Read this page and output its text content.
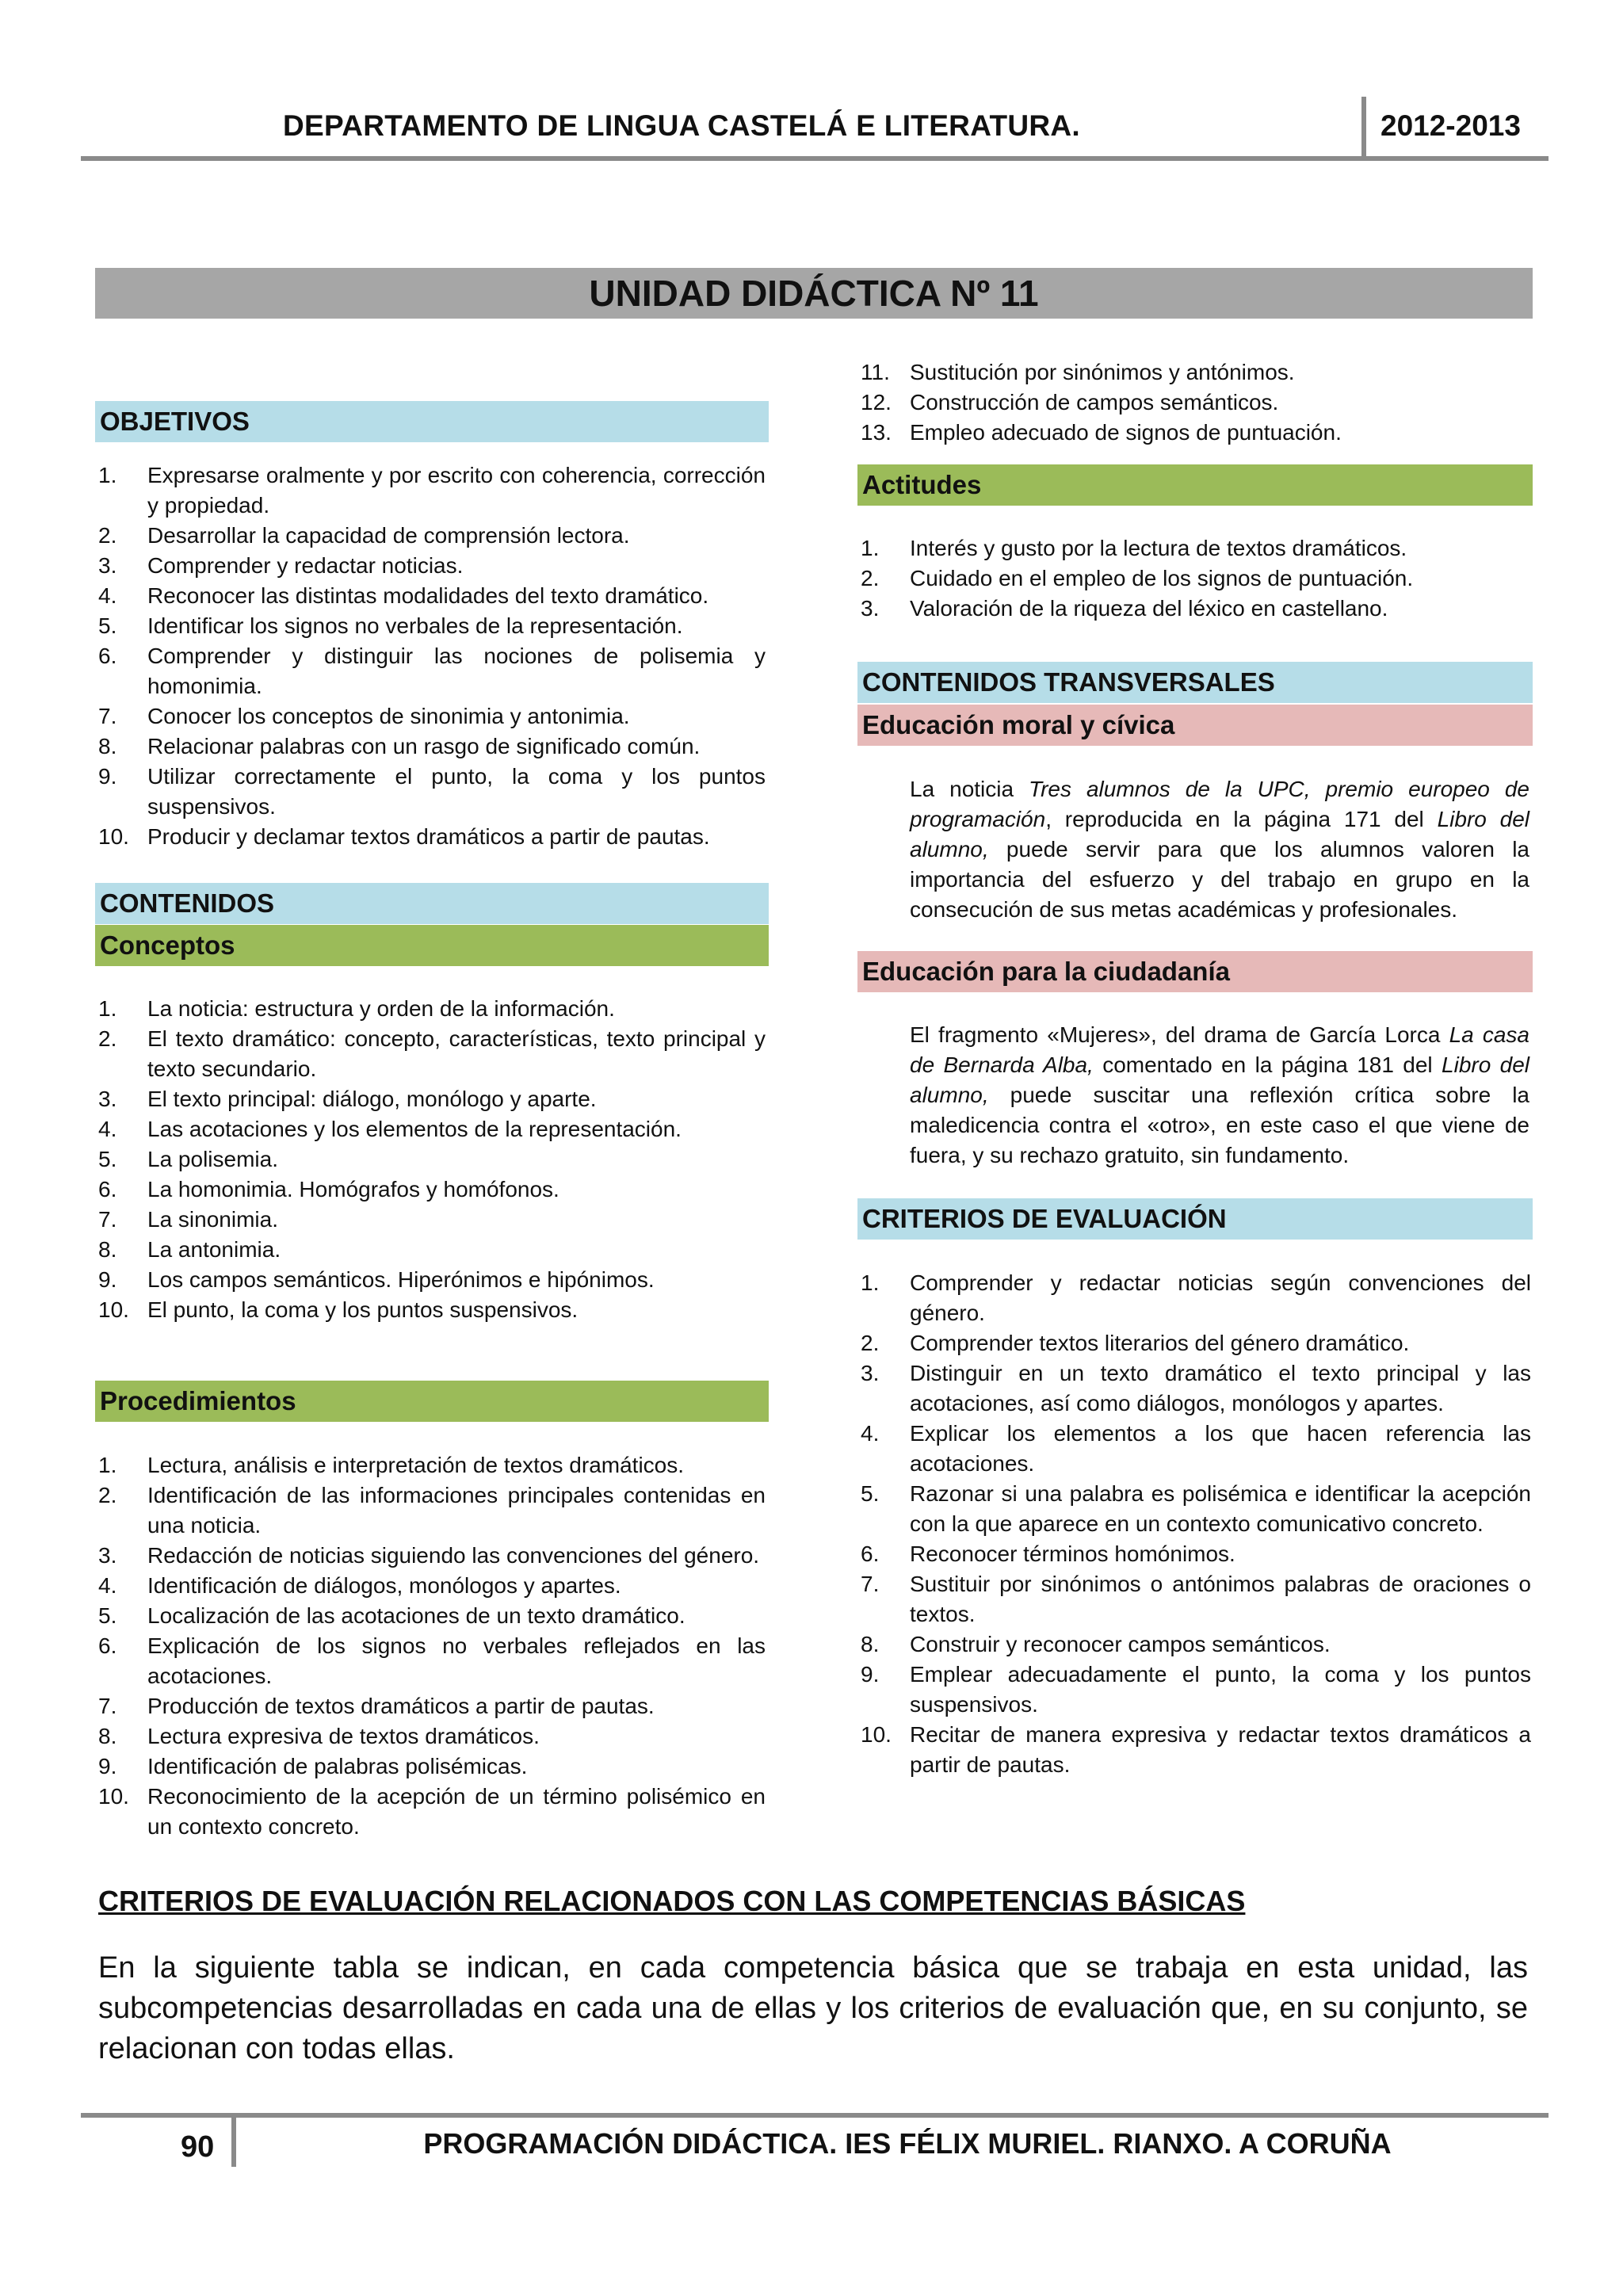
DEPARTAMENTO DE LINGUA CASTELÁ E LITERATURA.	2012-2013
UNIDAD DIDÁCTICA Nº 11
OBJETIVOS
1. Expresarse oralmente y por escrito con coherencia, corrección y propiedad.
2. Desarrollar la capacidad de comprensión lectora.
3. Comprender y redactar noticias.
4. Reconocer las distintas modalidades del texto dramático.
5. Identificar los signos no verbales de la representación.
6. Comprender y distinguir las nociones de polisemia y homonimia.
7. Conocer los conceptos de sinonimia y antonimia.
8. Relacionar palabras con un rasgo de significado común.
9. Utilizar correctamente el punto, la coma y los puntos suspensivos.
10. Producir y declamar textos dramáticos a partir de pautas.
CONTENIDOS
Conceptos
1. La noticia: estructura y orden de la información.
2. El texto dramático: concepto, características, texto principal y texto secundario.
3. El texto principal: diálogo, monólogo y aparte.
4. Las acotaciones y los elementos de la representación.
5. La polisemia.
6. La homonimia. Homógrafos y homófonos.
7. La sinonimia.
8. La antonimia.
9. Los campos semánticos. Hiperónimos e hipónimos.
10. El punto, la coma y los puntos suspensivos.
Procedimientos
1. Lectura, análisis e interpretación de textos dramáticos.
2. Identificación de las informaciones principales contenidas en una noticia.
3. Redacción de noticias siguiendo las convenciones del género.
4. Identificación de diálogos, monólogos y apartes.
5. Localización de las acotaciones de un texto dramático.
6. Explicación de los signos no verbales reflejados en las acotaciones.
7. Producción de textos dramáticos a partir de pautas.
8. Lectura expresiva de textos dramáticos.
9. Identificación de palabras polisémicas.
10. Reconocimiento de la acepción de un término polisémico en un contexto concreto.
11. Sustitución por sinónimos y antónimos.
12. Construcción de campos semánticos.
13. Empleo adecuado de signos de puntuación.
Actitudes
1. Interés y gusto por la lectura de textos dramáticos.
2. Cuidado en el empleo de los signos de puntuación.
3. Valoración de la riqueza del léxico en castellano.
CONTENIDOS TRANSVERSALES
Educación moral y cívica
La noticia Tres alumnos de la UPC, premio europeo de programación, reproducida en la página 171 del Libro del alumno, puede servir para que los alumnos valoren la importancia del esfuerzo y del trabajo en grupo en la consecución de sus metas académicas y profesionales.
Educación para la ciudadanía
El fragmento «Mujeres», del drama de García Lorca La casa de Bernarda Alba, comentado en la página 181 del Libro del alumno, puede suscitar una reflexión crítica sobre la maledicencia contra el «otro», en este caso el que viene de fuera, y su rechazo gratuito, sin fundamento.
CRITERIOS DE EVALUACIÓN
1. Comprender y redactar noticias según convenciones del género.
2. Comprender textos literarios del género dramático.
3. Distinguir en un texto dramático el texto principal y las acotaciones, así como diálogos, monólogos y apartes.
4. Explicar los elementos a los que hacen referencia las acotaciones.
5. Razonar si una palabra es polisémica e identificar la acepción con la que aparece en un contexto comunicativo concreto.
6. Reconocer términos homónimos.
7. Sustituir por sinónimos o antónimos palabras de oraciones o textos.
8. Construir y reconocer campos semánticos.
9. Emplear adecuadamente el punto, la coma y los puntos suspensivos.
10. Recitar de manera expresiva y redactar textos dramáticos a partir de pautas.
CRITERIOS DE EVALUACIÓN RELACIONADOS CON LAS COMPETENCIAS BÁSICAS
En la siguiente tabla se indican, en cada competencia básica que se trabaja en esta unidad, las subcompetencias desarrolladas en cada una de ellas y los criterios de evaluación que, en su conjunto, se relacionan con todas ellas.
90	PROGRAMACIÓN DIDÁCTICA. IES FÉLIX MURIEL. RIANXO. A CORUÑA
